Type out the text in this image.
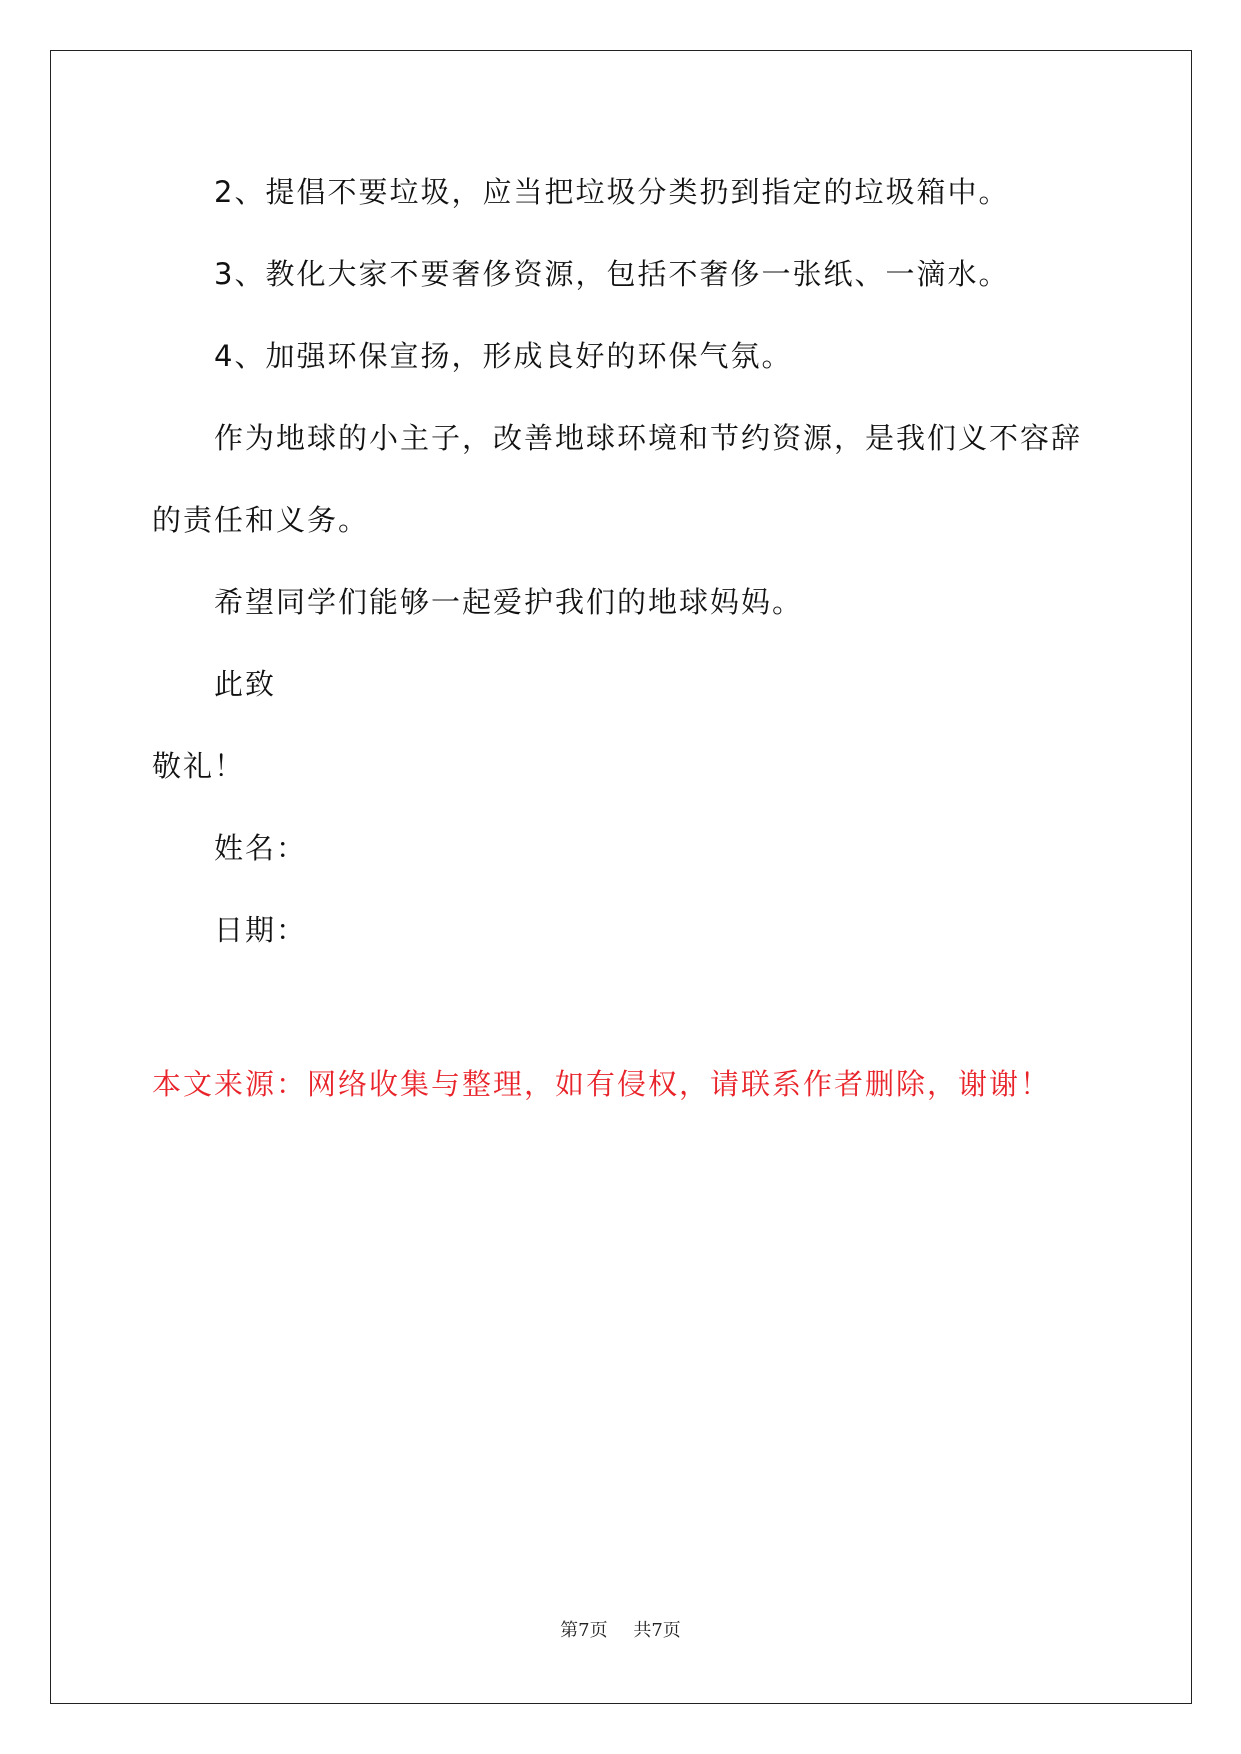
2、提倡不要垃圾，应当把垃圾分类扔到指定的垃圾箱中。
3、教化大家不要奢侈资源，包括不奢侈一张纸、一滴水。
4、加强环保宣扬，形成良好的环保气氛。
作为地球的小主子，改善地球环境和节约资源，是我们义不容辞
的责任和义务。
希望同学们能够一起爱护我们的地球妈妈。
此致
敬礼！
姓名：
日期：
本文来源：网络收集与整理，如有侵权，请联系作者删除，谢谢！
第7页 共7页
